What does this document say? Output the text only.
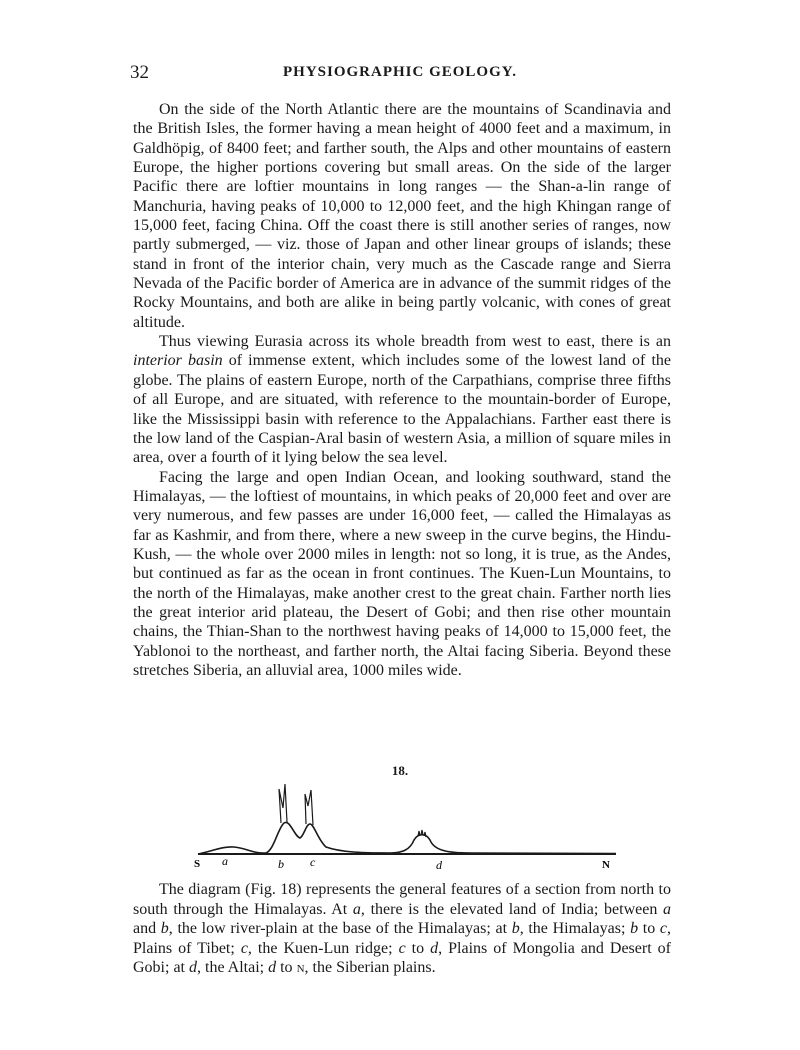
32	PHYSIOGRAPHIC GEOLOGY.

On the side of the North Atlantic there are the mountains of Scandinavia and the British Isles, the former having a mean height of 4000 feet and a maximum, in Galdhöpig, of 8400 feet; and farther south, the Alps and other mountains of eastern Europe, the higher portions covering but small areas. On the side of the larger Pacific there are loftier mountains in long ranges — the Shan-a-lin range of Manchuria, having peaks of 10,000 to 12,000 feet, and the high Khingan range of 15,000 feet, facing China. Off the coast there is still another series of ranges, now partly submerged, — viz. those of Japan and other linear groups of islands; these stand in front of the interior chain, very much as the Cascade range and Sierra Nevada of the Pacific border of America are in advance of the summit ridges of the Rocky Mountains, and both are alike in being partly volcanic, with cones of great altitude.

Thus viewing Eurasia across its whole breadth from west to east, there is an interior basin of immense extent, which includes some of the lowest land of the globe. The plains of eastern Europe, north of the Carpathians, comprise three fifths of all Europe, and are situated, with reference to the mountain-border of Europe, like the Mississippi basin with reference to the Appalachians. Farther east there is the low land of the Caspian-Aral basin of western Asia, a million of square miles in area, over a fourth of it lying below the sea level.

Facing the large and open Indian Ocean, and looking southward, stand the Himalayas, — the loftiest of mountains, in which peaks of 20,000 feet and over are very numerous, and few passes are under 16,000 feet, — called the Himalayas as far as Kashmir, and from there, where a new sweep in the curve begins, the Hindu-Kush, — the whole over 2000 miles in length: not so long, it is true, as the Andes, but continued as far as the ocean in front continues. The Kuen-Lun Mountains, to the north of the Himalayas, make another crest to the great chain. Farther north lies the great interior arid plateau, the Desert of Gobi; and then rise other mountain chains, the Thian-Shan to the northwest having peaks of 14,000 to 15,000 feet, the Yablonoi to the northeast, and farther north, the Altai facing Siberia. Beyond these stretches Siberia, an alluvial area, 1000 miles wide.

18.
S a	b c	d	N

The diagram (Fig. 18) represents the general features of a section from north to south through the Himalayas. At a, there is the elevated land of India; between a and b, the low river-plain at the base of the Himalayas; at b, the Himalayas; b to c, Plains of Tibet; c, the Kuen-Lun ridge; c to d, Plains of Mongolia and Desert of Gobi; at d, the Altai; d to n, the Siberian plains.
